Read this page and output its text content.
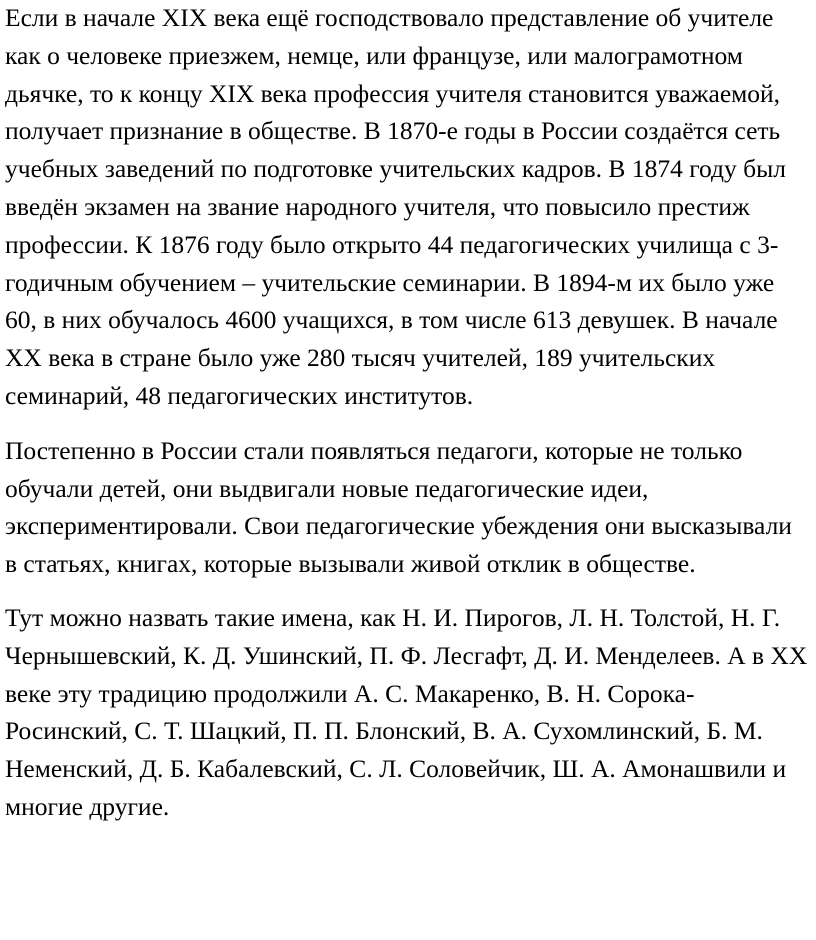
Если в начале XIX века ещё господствовало представление об учителе как о человеке приезжем, немце, или французе, или малограмотном дьячке, то к концу XIX века профессия учителя становится уважаемой, получает признание в обществе. В 1870-е годы в России создаётся сеть учебных заведений по подготовке учительских кадров. В 1874 году был введён экзамен на звание народного учителя, что повысило престиж профессии. К 1876 году было открыто 44 педагогических училища с 3-годичным обучением – учительские семинарии. В 1894-м их было уже 60, в них обучалось 4600 учащихся, в том числе 613 девушек. В начале XX века в стране было уже 280 тысяч учителей, 189 учительских семинарий, 48 педагогических институтов.

Постепенно в России стали появляться педагоги, которые не только обучали детей, они выдвигали новые педагогические идеи, экспериментировали. Свои педагогические убеждения они высказывали в статьях, книгах, которые вызывали живой отклик в обществе.

Тут можно назвать такие имена, как Н. И. Пирогов, Л. Н. Толстой, Н. Г. Чернышевский, К. Д. Ушинский, П. Ф. Лесгафт, Д. И. Менделеев. А в XX веке эту традицию продолжили А. С. Макаренко, В. Н. Сорока-Росинский, С. Т. Шацкий, П. П. Блонский, В. А. Сухомлинский, Б. М. Неменский, Д. Б. Кабалевский, С. Л. Соловейчик, Ш. А. Амонашвили и многие другие.
